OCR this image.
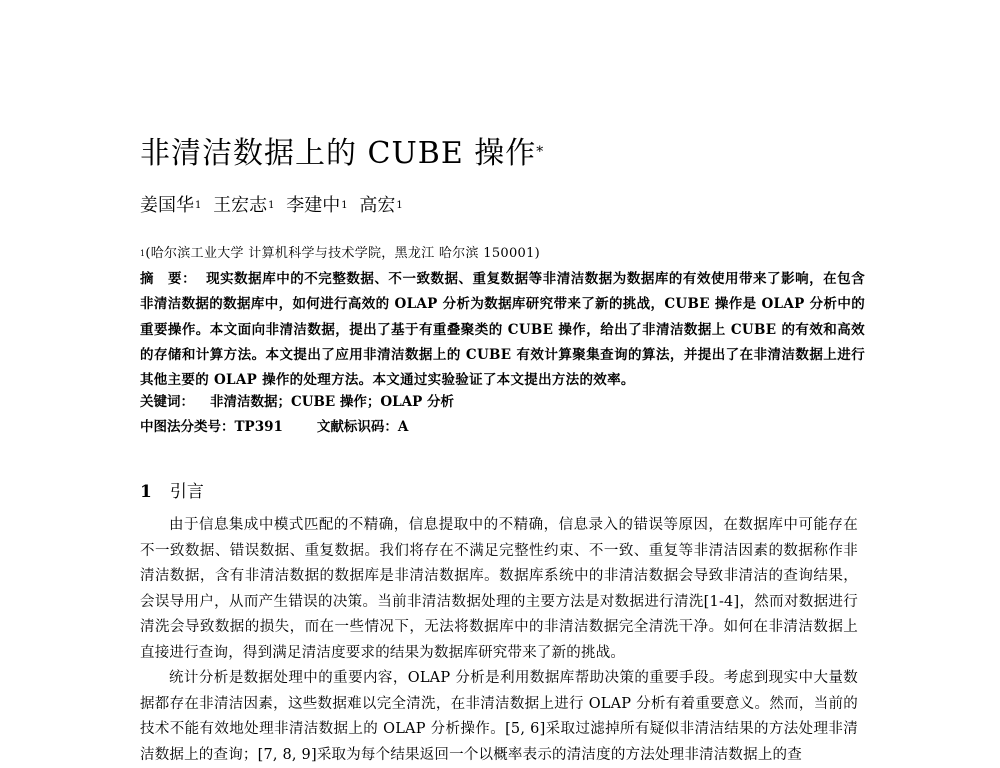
非清洁数据上的 CUBE 操作*
姜国华$^1$ 王宏志$^1$ 李建中$^1$ 高宏$^1$
$^1$(哈尔滨工业大学 计算机科学与技术学院，黑龙江 哈尔滨 150001)
摘　要： 现实数据库中的不完整数据、不一致数据、重复数据等非清洁数据为数据库的有效使用带来了影响，在包含非清洁数据的数据库中，如何进行高效的 OLAP 分析为数据库研究带来了新的挑战，CUBE 操作是 OLAP 分析中的重要操作。本文面向非清洁数据，提出了基于有重叠聚类的 CUBE 操作，给出了非清洁数据上 CUBE 的有效和高效的存储和计算方法。本文提出了应用非清洁数据上的 CUBE 有效计算聚集查询的算法，并提出了在非清洁数据上进行其他主要的 OLAP 操作的处理方法。本文通过实验验证了本文提出方法的效率。
关键词： 非清洁数据；CUBE 操作；OLAP 分析
中图法分类号：TP391	文献标识码：A
1 引言

由于信息集成中模式匹配的不精确，信息提取中的不精确，信息录入的错误等原因，在数据库中可能存在不一致数据、错误数据、重复数据。我们将存在不满足完整性约束、不一致、重复等非清洁因素的数据称作非清洁数据，含有非清洁数据的数据库是非清洁数据库。数据库系统中的非清洁数据会导致非清洁的查询结果，会误导用户，从而产生错误的决策。当前非清洁数据处理的主要方法是对数据进行清洗[1-4]，然而对数据进行清洗会导致数据的损失，而在一些情况下，无法将数据库中的非清洁数据完全清洗干净。如何在非清洁数据上直接进行查询，得到满足清洁度要求的结果为数据库研究带来了新的挑战。

统计分析是数据处理中的重要内容，OLAP 分析是利用数据库帮助决策的重要手段。考虑到现实中大量数据都存在非清洁因素，这些数据难以完全清洗，在非清洁数据上进行 OLAP 分析有着重要意义。然而，当前的技术不能有效地处理非清洁数据上的 OLAP 分析操作。[5, 6]采取过滤掉所有疑似非清洁结果的方法处理非清洁数据上的查询；[7, 8, 9]采取为每个结果返回一个以概率表示的清洁度的方法处理非清洁数据上的查
